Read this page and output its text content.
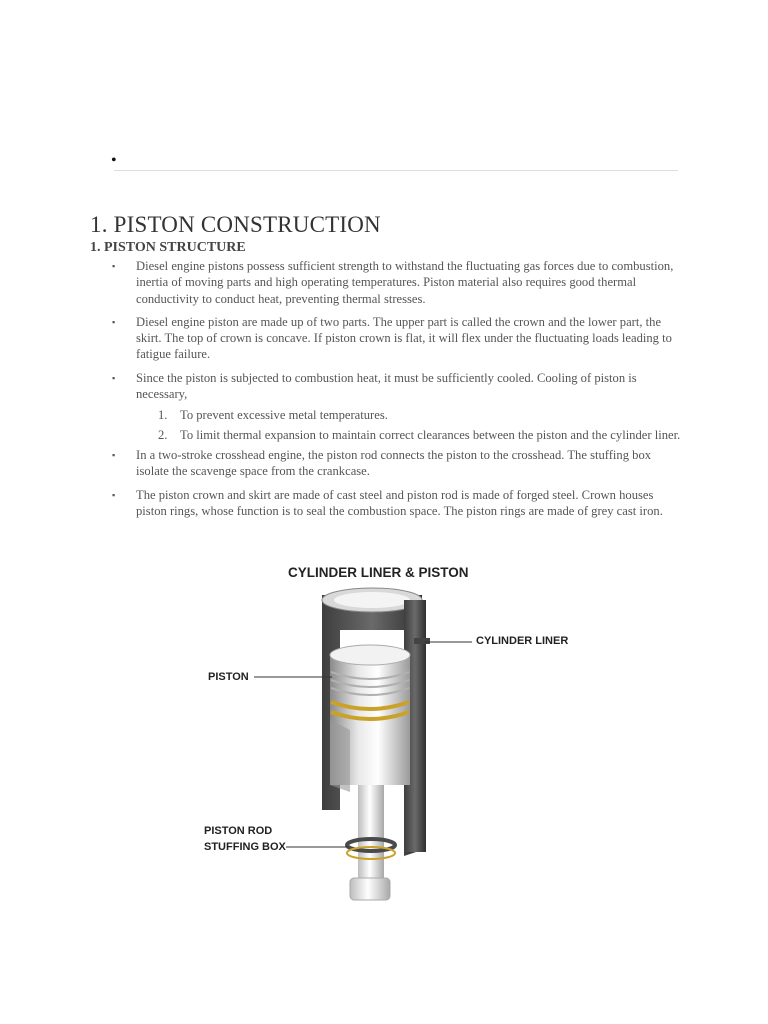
•
1. PISTON CONSTRUCTION
1. PISTON STRUCTURE
▪ Diesel engine pistons possess sufficient strength to withstand the fluctuating gas forces due to combustion, inertia of moving parts and high operating temperatures. Piston material also requires good thermal conductivity to conduct heat, preventing thermal stresses.
▪ Diesel engine piston are made up of two parts. The upper part is called the crown and the lower part, the skirt. The top of crown is concave. If piston crown is flat, it will flex under the fluctuating loads leading to fatigue failure.
▪ Since the piston is subjected to combustion heat, it must be sufficiently cooled. Cooling of piston is necessary,
1. To prevent excessive metal temperatures.
2. To limit thermal expansion to maintain correct clearances between the piston and the cylinder liner.
▪ In a two-stroke crosshead engine, the piston rod connects the piston to the crosshead. The stuffing box isolate the scavenge space from the crankcase.
▪ The piston crown and skirt are made of cast steel and piston rod is made of forged steel. Crown houses piston rings, whose function is to seal the combustion space. The piston rings are made of grey cast iron.
CYLINDER LINER & PISTON
CYLINDER LINER
PISTON
PISTON ROD
STUFFING BOX
